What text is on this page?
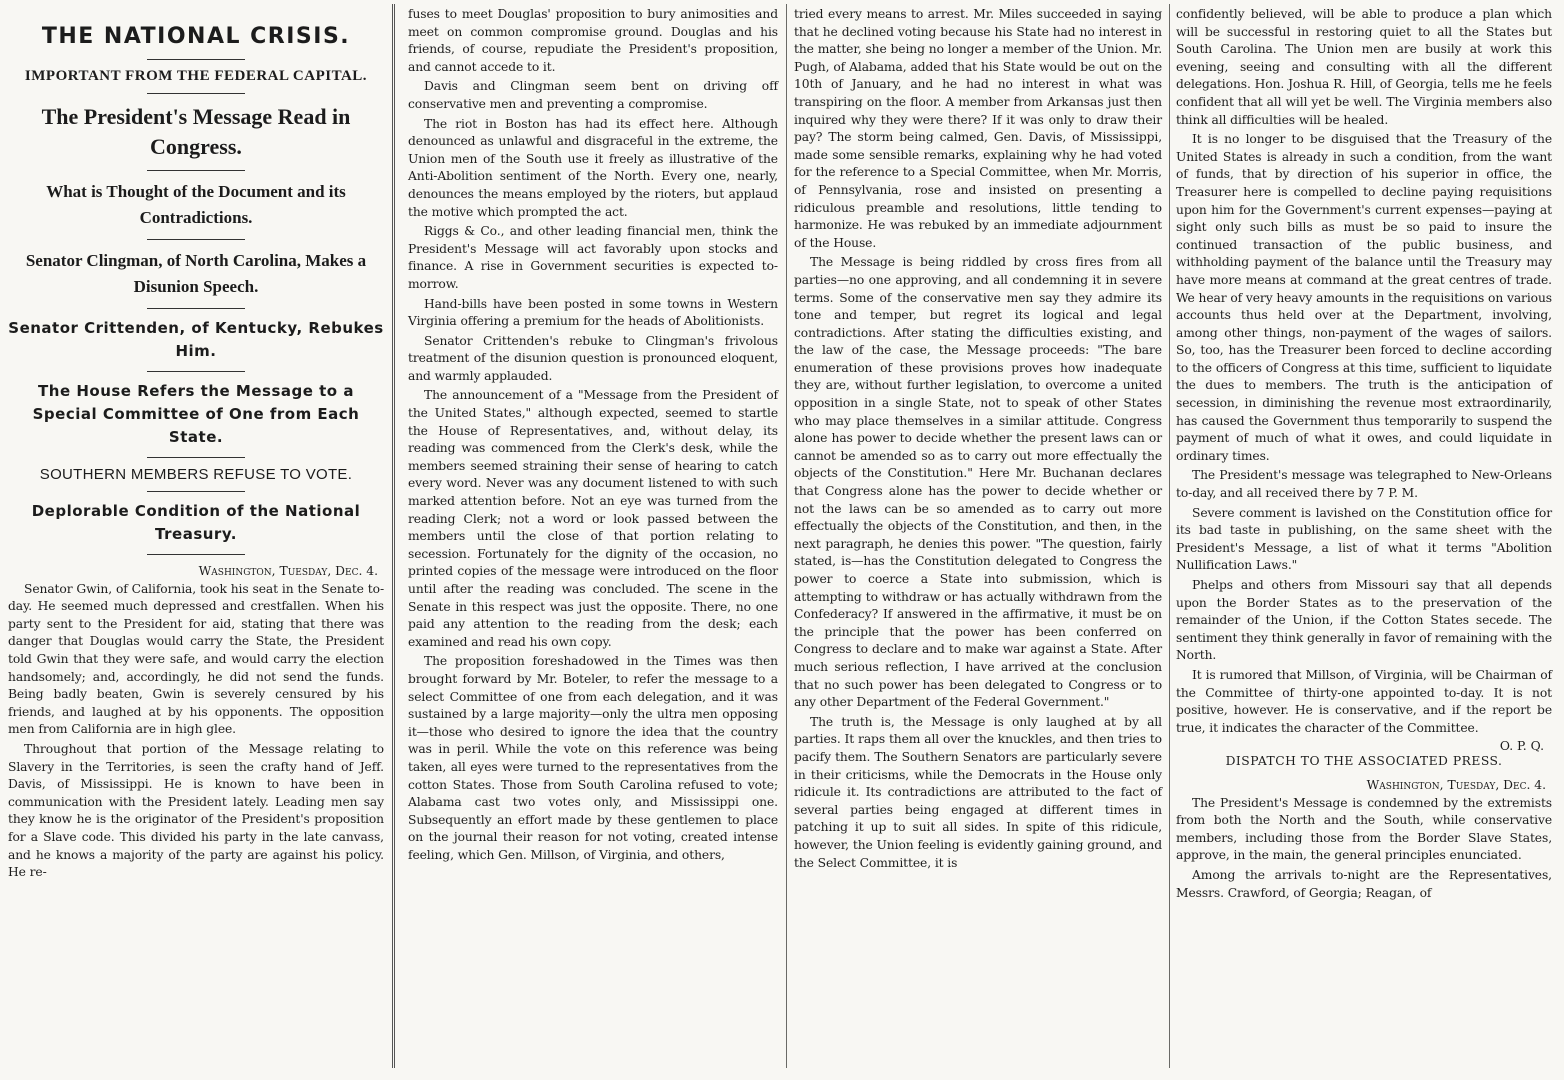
THE NATIONAL CRISIS.
IMPORTANT FROM THE FEDERAL CAPITAL.
The President's Message Read in Congress.
What is Thought of the Document and its Contradictions.
Senator Clingman, of North Carolina, Makes a Disunion Speech.
Senator Crittenden, of Kentucky, Rebukes Him.
The House Refers the Message to a Special Committee of One from Each State.
SOUTHERN MEMBERS REFUSE TO VOTE.
Deplorable Condition of the National Treasury.
Washington, Tuesday, Dec. 4.

Senator Gwin, of California, took his seat in the Senate to-day. He seemed much depressed and crestfallen. When his party sent to the President for aid, stating that there was danger that Douglas would carry the State, the President told Gwin that they were safe, and would carry the election handsomely; and, accordingly, he did not send the funds. Being badly beaten, Gwin is severely censured by his friends, and laughed at by his opponents. The opposition men from California are in high glee.

Throughout that portion of the Message relating to Slavery in the Territories, is seen the crafty hand of Jeff. Davis, of Mississippi. He is known to have been in communication with the President lately. Leading men say they know he is the originator of the President's proposition for a Slave code. This divided his party in the late canvass, and he knows a majority of the party are against his policy. He re-

fuses to meet Douglas' proposition to bury animosities and meet on common compromise ground. Douglas and his friends, of course, repudiate the President's proposition, and cannot accede to it.

Davis and Clingman seem bent on driving off conservative men and preventing a compromise.

The riot in Boston has had its effect here. Although denounced as unlawful and disgraceful in the extreme, the Union men of the South use it freely as illustrative of the Anti-Abolition sentiment of the North. Every one, nearly, denounces the means employed by the rioters, but applaud the motive which prompted the act.

Riggs & Co., and other leading financial men, think the President's Message will act favorably upon stocks and finance. A rise in Government securities is expected to-morrow.

Hand-bills have been posted in some towns in Western Virginia offering a premium for the heads of Abolitionists.

Senator Crittenden's rebuke to Clingman's frivolous treatment of the disunion question is pronounced eloquent, and warmly applauded.

The announcement of a "Message from the President of the United States," although expected, seemed to startle the House of Representatives, and, without delay, its reading was commenced from the Clerk's desk, while the members seemed straining their sense of hearing to catch every word. Never was any document listened to with such marked attention before. Not an eye was turned from the reading Clerk; not a word or look passed between the members until the close of that portion relating to secession. Fortunately for the dignity of the occasion, no printed copies of the message were introduced on the floor until after the reading was concluded. The scene in the Senate in this respect was just the opposite. There, no one paid any attention to the reading from the desk; each examined and read his own copy.

The proposition foreshadowed in the Times was then brought forward by Mr. Boteler, to refer the message to a select Committee of one from each delegation, and it was sustained by a large majority—only the ultra men opposing it—those who desired to ignore the idea that the country was in peril. While the vote on this reference was being taken, all eyes were turned to the representatives from the cotton States. Those from South Carolina refused to vote; Alabama cast two votes only, and Mississippi one. Subsequently an effort made by these gentlemen to place on the journal their reason for not voting, created intense feeling, which Gen. Millson, of Virginia, and others,

tried every means to arrest. Mr. Miles succeeded in saying that he declined voting because his State had no interest in the matter, she being no longer a member of the Union. Mr. Pugh, of Alabama, added that his State would be out on the 10th of January, and he had no interest in what was transpiring on the floor. A member from Arkansas just then inquired why they were there? If it was only to draw their pay? The storm being calmed, Gen. Davis, of Mississippi, made some sensible remarks, explaining why he had voted for the reference to a Special Committee, when Mr. Morris, of Pennsylvania, rose and insisted on presenting a ridiculous preamble and resolutions, little tending to harmonize. He was rebuked by an immediate adjournment of the House.

The Message is being riddled by cross fires from all parties—no one approving, and all condemning it in severe terms. Some of the conservative men say they admire its tone and temper, but regret its logical and legal contradictions. After stating the difficulties existing, and the law of the case, the Message proceeds: "The bare enumeration of these provisions proves how inadequate they are, without further legislation, to overcome a united opposition in a single State, not to speak of other States who may place themselves in a similar attitude. Congress alone has power to decide whether the present laws can or cannot be amended so as to carry out more effectually the objects of the Constitution." Here Mr. Buchanan declares that Congress alone has the power to decide whether or not the laws can be so amended as to carry out more effectually the objects of the Constitution, and then, in the next paragraph, he denies this power. "The question, fairly stated, is—has the Constitution delegated to Congress the power to coerce a State into submission, which is attempting to withdraw or has actually withdrawn from the Confederacy? If answered in the affirmative, it must be on the principle that the power has been conferred on Congress to declare and to make war against a State. After much serious reflection, I have arrived at the conclusion that no such power has been delegated to Congress or to any other Department of the Federal Government."

The truth is, the Message is only laughed at by all parties. It raps them all over the knuckles, and then tries to pacify them. The Southern Senators are particularly severe in their criticisms, while the Democrats in the House only ridicule it. Its contradictions are attributed to the fact of several parties being engaged at different times in patching it up to suit all sides. In spite of this ridicule, however, the Union feeling is evidently gaining ground, and the Select Committee, it is

confidently believed, will be able to produce a plan which will be successful in restoring quiet to all the States but South Carolina. The Union men are busily at work this evening, seeing and consulting with all the different delegations. Hon. Joshua R. Hill, of Georgia, tells me he feels confident that all will yet be well. The Virginia members also think all difficulties will be healed.

It is no longer to be disguised that the Treasury of the United States is already in such a condition, from the want of funds, that by direction of his superior in office, the Treasurer here is compelled to decline paying requisitions upon him for the Government's current expenses—paying at sight only such bills as must be so paid to insure the continued transaction of the public business, and withholding payment of the balance until the Treasury may have more means at command at the great centres of trade. We hear of very heavy amounts in the requisitions on various accounts thus held over at the Department, involving, among other things, non-payment of the wages of sailors. So, too, has the Treasurer been forced to decline according to the officers of Congress at this time, sufficient to liquidate the dues to members. The truth is the anticipation of secession, in diminishing the revenue most extraordinarily, has caused the Government thus temporarily to suspend the payment of much of what it owes, and could liquidate in ordinary times.

The President's message was telegraphed to New-Orleans to-day, and all received there by 7 P. M.

Severe comment is lavished on the Constitution office for its bad taste in publishing, on the same sheet with the President's Message, a list of what it terms "Abolition Nullification Laws."

Phelps and others from Missouri say that all depends upon the Border States as to the preservation of the remainder of the Union, if the Cotton States secede. The sentiment they think generally in favor of remaining with the North.

It is rumored that Millson, of Virginia, will be Chairman of the Committee of thirty-one appointed to-day. It is not positive, however. He is conservative, and if the report be true, it indicates the character of the Committee.

O. P. Q.
DISPATCH TO THE ASSOCIATED PRESS.
Washington, Tuesday, Dec. 4.

The President's Message is condemned by the extremists from both the North and the South, while conservative members, including those from the Border Slave States, approve, in the main, the general principles enunciated.

Among the arrivals to-night are the Representatives, Messrs. Crawford, of Georgia; Reagan, of
